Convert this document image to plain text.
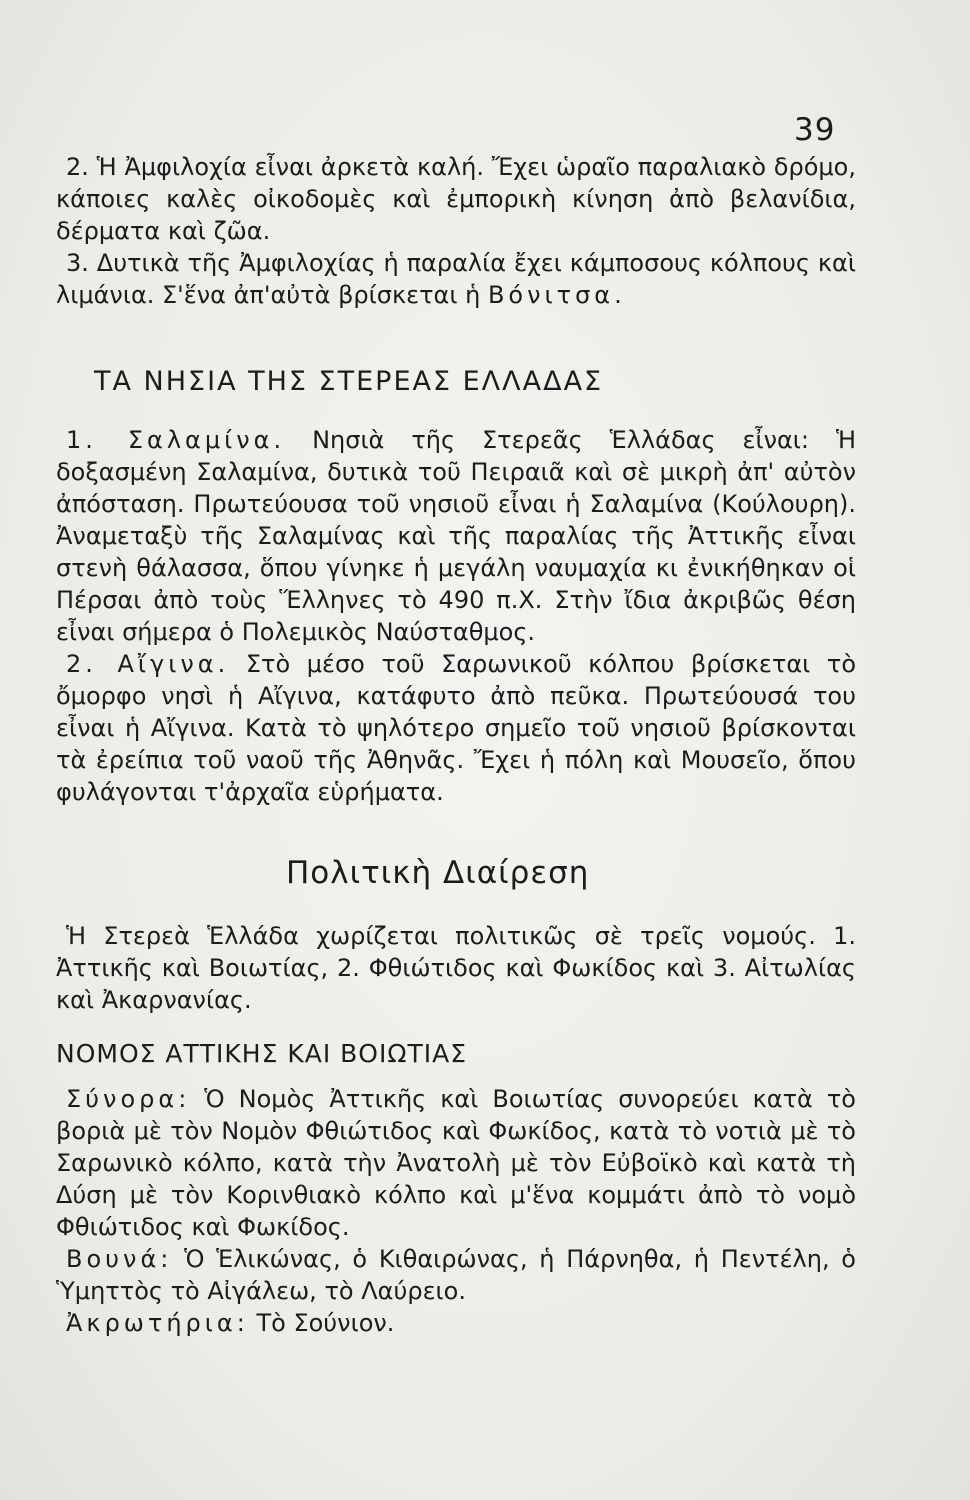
39

2. Ἡ Ἀμφιλοχία εἶναι ἀρκετὰ καλή. Ἔχει ὡραῖο παραλιακὸ δρόμο, κάποιες καλὲς οἰκοδομὲς καὶ ἐμπορικὴ κίνηση ἀπὸ βελανίδια, δέρματα καὶ ζῶα.

3. Δυτικὰ τῆς Ἀμφιλοχίας ἡ παραλία ἔχει κάμποσους κόλπους καὶ λιμάνια. Σ'ἕνα ἀπ'αὐτὰ βρίσκεται ἡ Βόνιτσα.

ΤΑ ΝΗΣΙΑ ΤΗΣ ΣΤΕΡΕΑΣ ΕΛΛΑΔΑΣ

1. Σαλαμίνα. Νησιὰ τῆς Στερεᾶς Ἑλλάδας εἶναι: Ἡ δοξασμένη Σαλαμίνα, δυτικὰ τοῦ Πειραιᾶ καὶ σὲ μικρὴ ἀπ' αὐτὸν ἀπόσταση. Πρωτεύουσα τοῦ νησιοῦ εἶναι ἡ Σαλαμίνα (Κούλουρη). Ἀναμεταξὺ τῆς Σαλαμίνας καὶ τῆς παραλίας τῆς Ἀττικῆς εἶναι στενὴ θάλασσα, ὅπου γίνηκε ἡ μεγάλη ναυμαχία κι ἐνικήθηκαν οἱ Πέρσαι ἀπὸ τοὺς Ἕλληνες τὸ 490 π.Χ. Στὴν ἴδια ἀκριβῶς θέση εἶναι σήμερα ὁ Πολεμικὸς Ναύσταθμος.

2. Αἴγινα. Στὸ μέσο τοῦ Σαρωνικοῦ κόλπου βρίσκεται τὸ ὄμορφο νησὶ ἡ Αἴγινα, κατάφυτο ἀπὸ πεῦκα. Πρωτεύουσά του εἶναι ἡ Αἴγινα. Κατὰ τὸ ψηλότερο σημεῖο τοῦ νησιοῦ βρίσκονται τὰ ἐρείπια τοῦ ναοῦ τῆς Ἀθηνᾶς. Ἔχει ἡ πόλη καὶ Μουσεῖο, ὅπου φυλάγονται τ'ἀρχαῖα εὑρήματα.

Πολιτικὴ Διαίρεση

Ἡ Στερεὰ Ἑλλάδα χωρίζεται πολιτικῶς σὲ τρεῖς νομούς. 1. Ἀττικῆς καὶ Βοιωτίας, 2. Φθιώτιδος καὶ Φωκίδος καὶ 3. Αἰτωλίας καὶ Ἀκαρνανίας.

ΝΟΜΟΣ ΑΤΤΙΚΗΣ ΚΑΙ ΒΟΙΩΤΙΑΣ

Σύνορα: Ὁ Νομὸς Ἀττικῆς καὶ Βοιωτίας συνορεύει κατὰ τὸ βοριὰ μὲ τὸν Νομὸν Φθιώτιδος καὶ Φωκίδος, κατὰ τὸ νοτιὰ μὲ τὸ Σαρωνικὸ κόλπο, κατὰ τὴν Ἀνατολὴ μὲ τὸν Εὐβοϊκὸ καὶ κατὰ τὴ Δύση μὲ τὸν Κορινθιακὸ κόλπο καὶ μ'ἕνα κομμάτι ἀπὸ τὸ νομὸ Φθιώτιδος καὶ Φωκίδος.

Βουνά: Ὁ Ἑλικώνας, ὁ Κιθαιρώνας, ἡ Πάρνηθα, ἡ Πεντέλη, ὁ Ὑμηττὸς τὸ Αἰγάλεω, τὸ Λαύρειο.

Ἀκρωτήρια: Τὸ Σούνιον.
